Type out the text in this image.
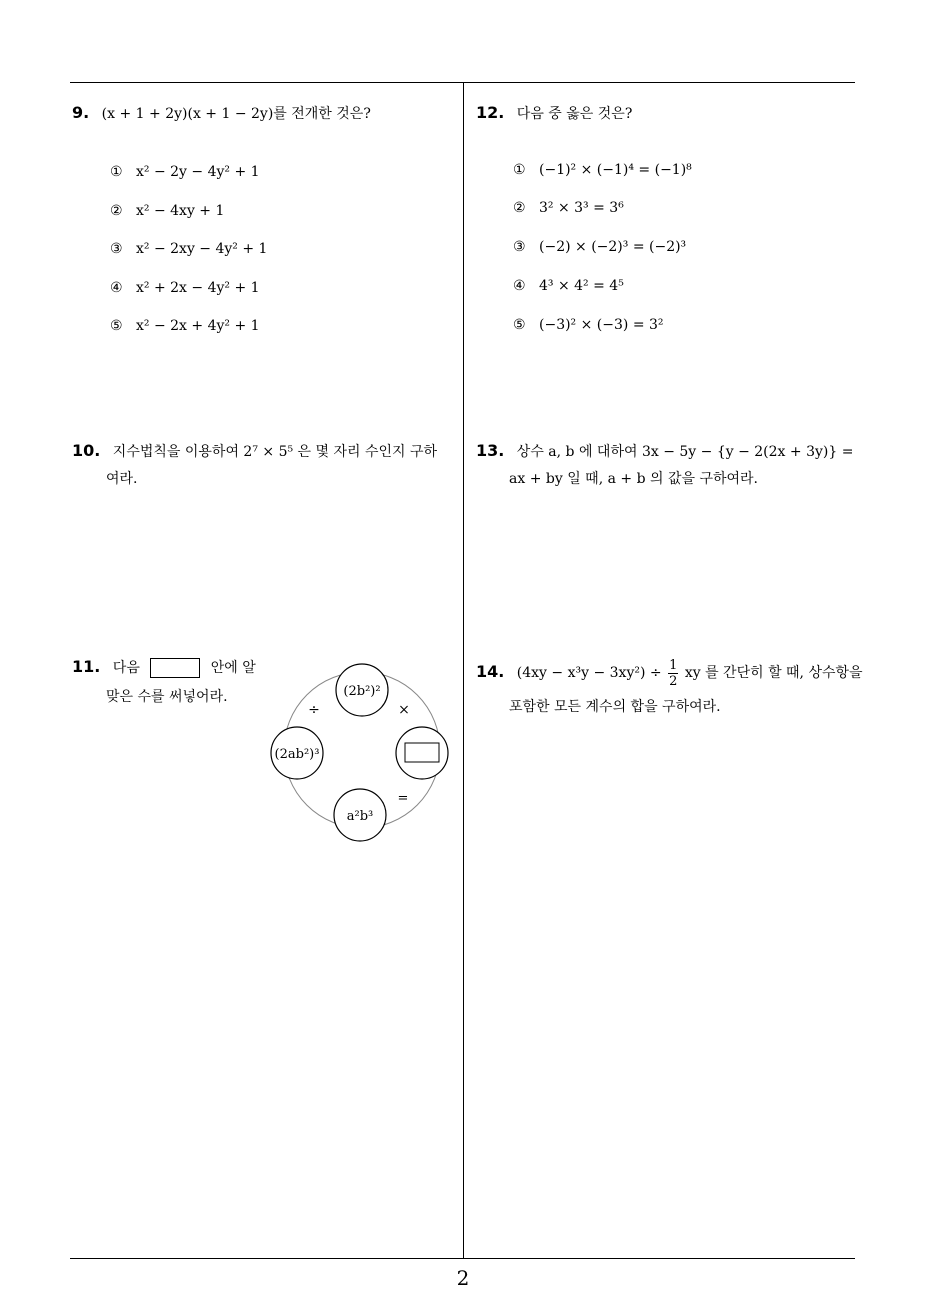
9. (x + 1 + 2y)(x + 1 − 2y)를 전개한 것은?
① x² − 2y − 4y² + 1
② x² − 4xy + 1
③ x² − 2xy − 4y² + 1
④ x² + 2x − 4y² + 1
⑤ x² − 2x + 4y² + 1
10. 지수법칙을 이용하여 2⁷ × 5⁵ 은 몇 자리 수인지 구하
여라.
11. 다음	안에 알
맞은 수를 써넣어라.	(2b²)²
(2ab²)³
a²b³
÷	×
=
12. 다음 중 옳은 것은?
① (−1)² × (−1)⁴ = (−1)⁸
② 3² × 3³ = 3⁶
③ (−2) × (−2)³ = (−2)³
④ 4³ × 4² = 4⁵
⑤ (−3)² × (−3) = 3²
13. 상수 a, b 에 대하여 3x − 5y − {y − 2(2x + 3y)} =
ax + by 일 때, a + b 의 값을 구하여라.
14. $(4xy - x^3y - 3xy^2) \div \frac{1}{2}$ xy 를 간단히 할 때, 상수항을
포함한 모든 계수의 합을 구하여라.
2
